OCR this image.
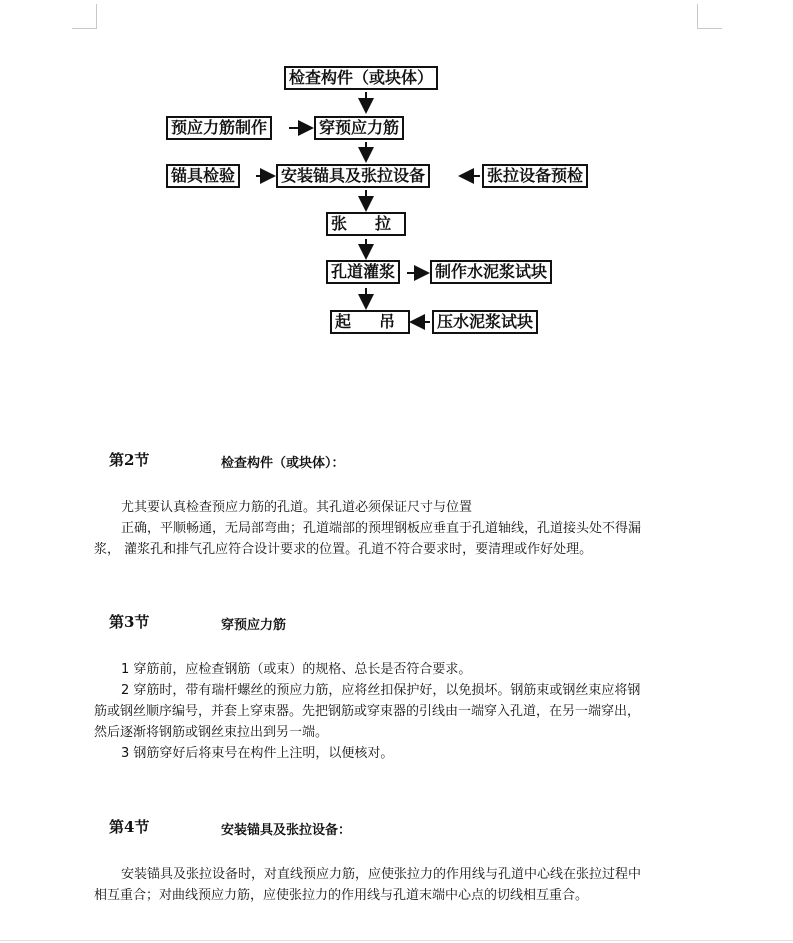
检查构件（或块体）
预应力筋制作	穿预应力筋
锚具检验	安装锚具及张拉设备	张拉设备预检
张 拉
孔道灌浆	制作水泥浆试块
起 吊	压水泥浆试块
第2节	检查构件（或块体）：

尤其要认真检查预应力筋的孔道。其孔道必须保证尺寸与位置

正确，平顺畅通，无局部弯曲；孔道端部的预埋钢板应垂直于孔道轴线，孔道接头处不得漏

浆， 灌浆孔和排气孔应符合设计要求的位置。孔道不符合要求时，要清理或作好处理。

第3节	穿预应力筋

1 穿筋前，应检查钢筋（或束）的规格、总长是否符合要求。

2 穿筋时，带有瑞杆螺丝的预应力筋，应将丝扣保护好，以免损坏。钢筋束或钢丝束应将钢

筋或钢丝顺序编号，并套上穿束器。先把钢筋或穿束器的引线由一端穿入孔道，在另一端穿出，

然后逐渐将钢筋或钢丝束拉出到另一端。

3 钢筋穿好后将束号在构件上注明，以便核对。

第4节	安装锚具及张拉设备：

安装锚具及张拉设备时，对直线预应力筋，应使张拉力的作用线与孔道中心线在张拉过程中

相互重合；对曲线预应力筋，应使张拉力的作用线与孔道末端中心点的切线相互重合。
